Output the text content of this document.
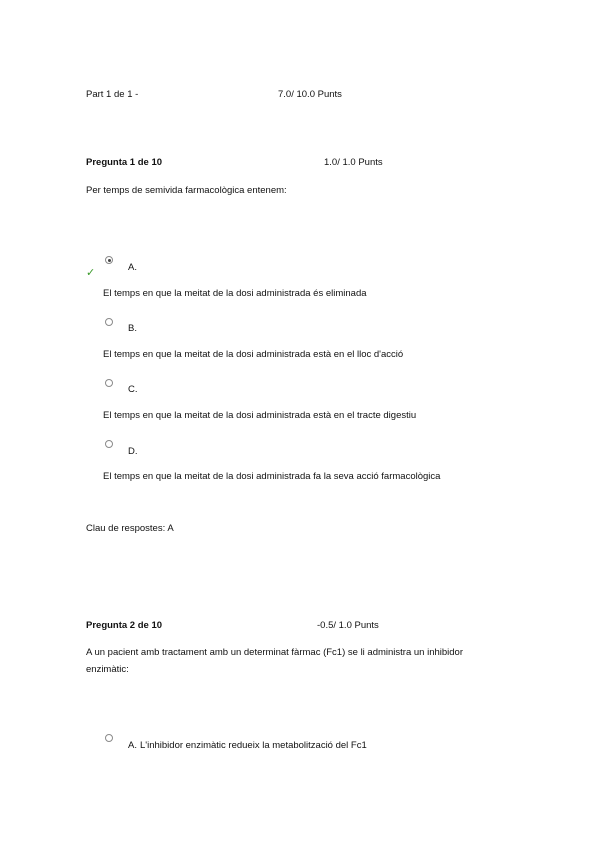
Part 1 de 1 -	7.0/ 10.0 Punts
Pregunta 1 de 10	1.0/ 1.0 Punts
Per temps de semivida farmacològica entenem:
✓	A.
El temps en que la meitat de la dosi administrada és eliminada
B.
El temps en que la meitat de la dosi administrada està en el lloc d'acció
C.
El temps en que la meitat de la dosi administrada està en el tracte digestiu
D.
El temps en que la meitat de la dosi administrada fa la seva acció farmacològica
Clau de respostes: A
Pregunta 2 de 10	-0.5/ 1.0 Punts
A un pacient amb tractament amb un determinat fàrmac (Fc1) se li administra un inhibidor
enzimàtic:
A. L'inhibidor enzimàtic redueix la metabolització del Fc1
